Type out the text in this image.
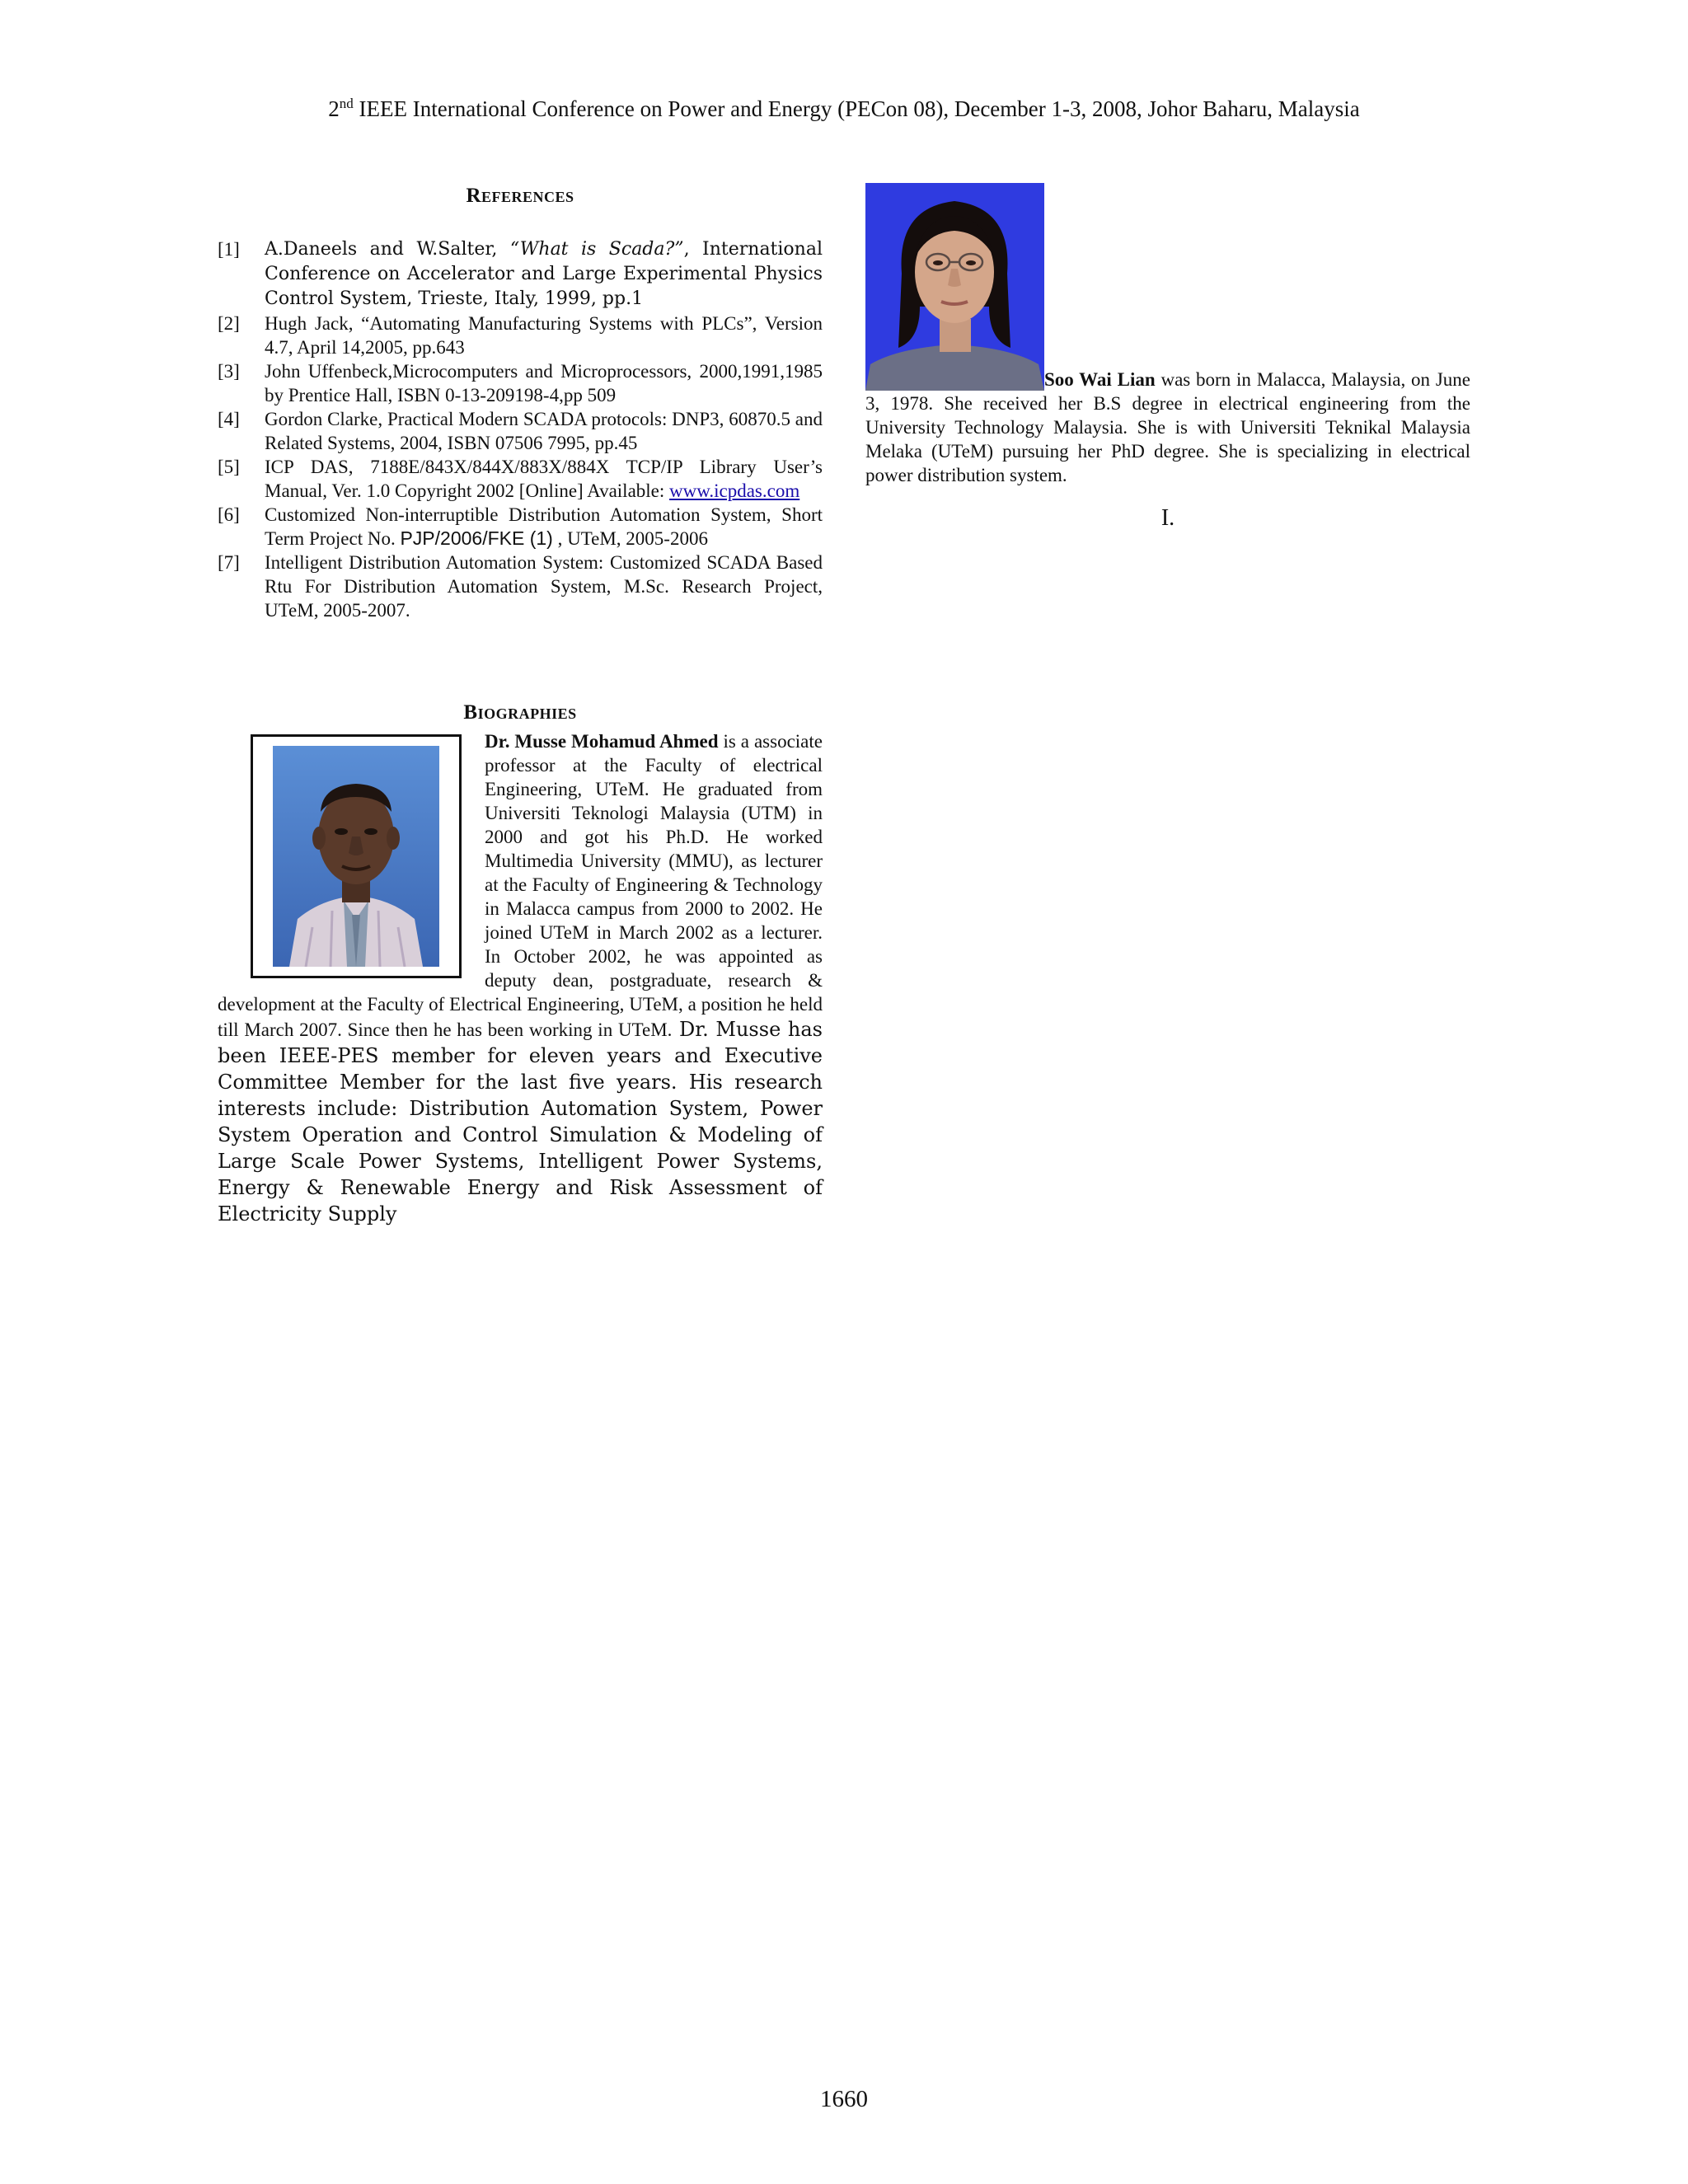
2nd IEEE International Conference on Power and Energy (PECon 08), December 1-3, 2008, Johor Baharu, Malaysia
References
[1]	A.Daneels and W.Salter, “What is Scada?”, International Conference on Accelerator and Large Experimental Physics Control System, Trieste, Italy, 1999, pp.1
[2]	Hugh Jack, “Automating Manufacturing Systems with PLCs”, Version 4.7, April 14,2005, pp.643
[3]	John Uffenbeck,Microcomputers and Microprocessors, 2000,1991,1985 by Prentice Hall, ISBN 0-13-209198-4,pp 509
[4]	Gordon Clarke, Practical Modern SCADA protocols: DNP3, 60870.5 and Related Systems, 2004, ISBN 07506 7995, pp.45
[5]	ICP DAS, 7188E/843X/844X/883X/884X TCP/IP Library User’s Manual, Ver. 1.0 Copyright 2002 [Online] Available: www.icpdas.com
[6]	Customized Non-interruptible Distribution Automation System, Short Term Project No. PJP/2006/FKE (1) , UTeM, 2005-2006
[7]	Intelligent Distribution Automation System: Customized SCADA Based Rtu For Distribution Automation System, M.Sc. Research Project, UTeM, 2005-2007.
Biographies
Dr. Musse Mohamud Ahmed is a associate professor at the Faculty of electrical Engineering, UTeM. He graduated from Universiti Teknologi Malaysia (UTM) in 2000 and got his Ph.D. He worked Multimedia University (MMU), as lecturer at the Faculty of Engineering & Technology in Malacca campus from 2000 to 2002. He joined UTeM in March 2002 as a lecturer. In October 2002, he was appointed as deputy dean, postgraduate, research & development at the Faculty of Electrical Engineering, UTeM, a position he held till March 2007. Since then he has been working in UTeM. Dr. Musse has been IEEE-PES member for eleven years and Executive Committee Member for the last five years. His research interests include: Distribution Automation System, Power System Operation and Control Simulation & Modeling of Large Scale Power Systems, Intelligent Power Systems, Energy & Renewable Energy and Risk Assessment of Electricity Supply
Soo Wai Lian was born in Malacca, Malaysia, on June 3, 1978. She received her B.S degree in electrical engineering from the University Technology Malaysia. She is with Universiti Teknikal Malaysia Melaka (UTeM) pursuing her PhD degree. She is specializing in electrical power distribution system.
I.
1660
